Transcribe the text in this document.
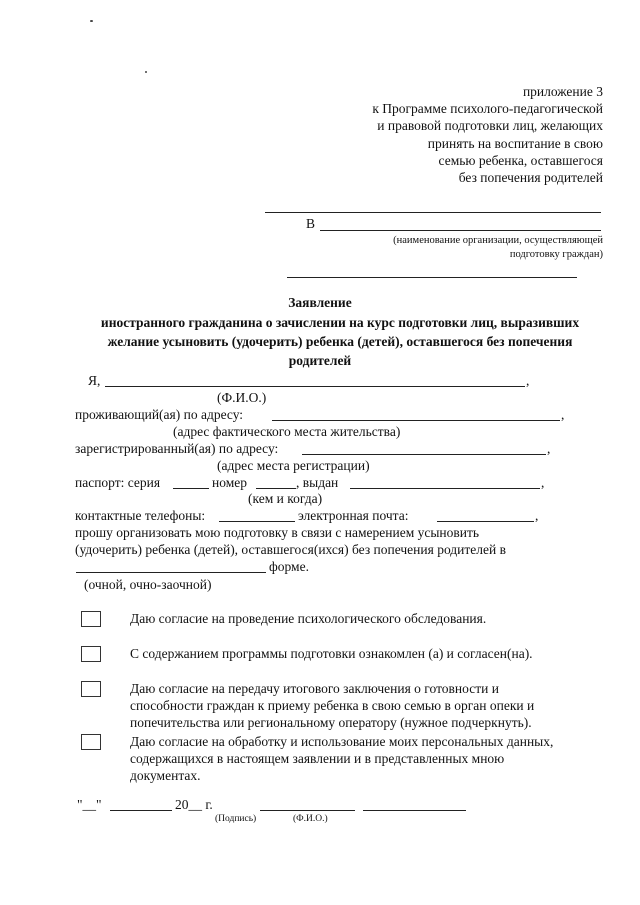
приложение 3
к Программе психолого-педагогической
и правовой подготовки лиц, желающих
принять на воспитание в свою
семью ребенка, оставшегося
без попечения родителей
В
(наименование организации, осуществляющей
подготовку граждан)
Заявление
иностранного гражданина о зачислении на курс подготовки лиц, выразивших
желание усыновить (удочерить) ребенка (детей), оставшегося без попечения
родителей
Я,	,
(Ф.И.О.)
проживающий(ая) по адресу:	,
(адрес фактического места жительства)
зарегистрированный(ая) по адресу:	,
(адрес места регистрации)
паспорт: серия	номер	, выдан	,
(кем и когда)
контактные телефоны:	электронная почта:	,
прошу организовать мою подготовку в связи с намерением усыновить
(удочерить) ребенка (детей), оставшегося(ихся) без попечения родителей в
форме.
(очной, очно-заочной)
Даю согласие на проведение психологического обследования.
С содержанием программы подготовки ознакомлен (а) и согласен(на).
Даю согласие на передачу итогового заключения о готовности и
способности граждан к приему ребенка в свою семью в орган опеки и
попечительства или региональному оператору (нужное подчеркнуть).
Даю согласие на обработку и использование моих персональных данных,
содержащихся в настоящем заявлении и в представленных мною
документах.
"__"	20__ г.
(Подпись)	(Ф.И.О.)
